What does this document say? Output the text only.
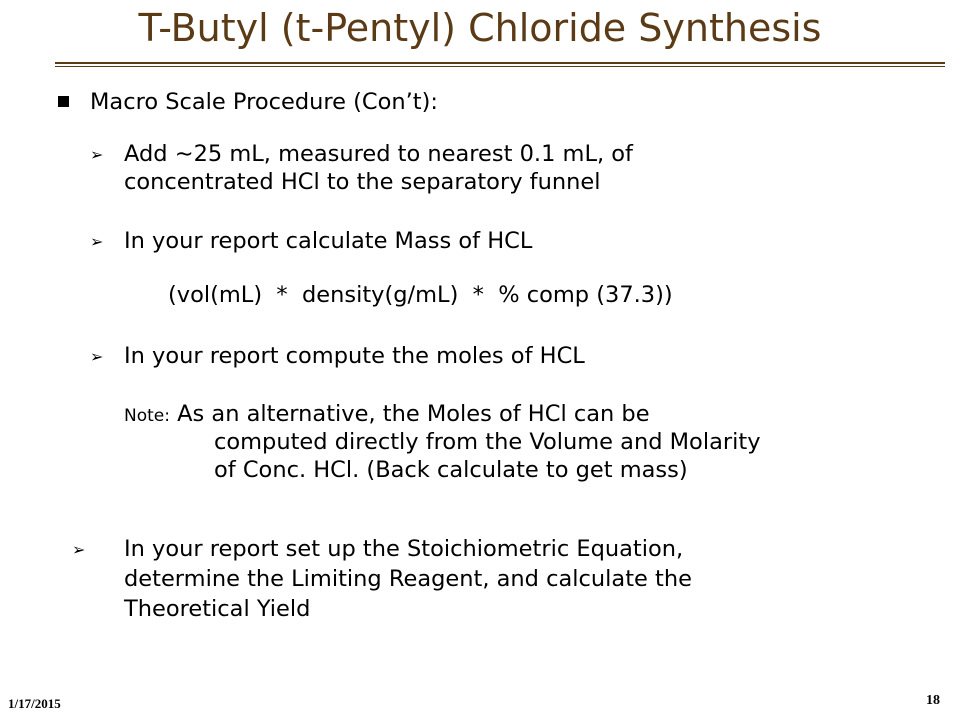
T-Butyl (t-Pentyl) Chloride Synthesis
Macro Scale Procedure (Con’t):
➢ Add ∼25 mL, measured to nearest 0.1 mL, of
concentrated HCl to the separatory funnel
➢ In your report calculate Mass of HCL
(vol(mL)  *  density(g/mL)  *  % comp (37.3))
➢ In your report compute the moles of HCL
Note: As an alternative, the Moles of HCl can be
computed directly from the Volume and Molarity
of Conc. HCl. (Back calculate to get mass)
➢ In your report set up the Stoichiometric Equation,
determine the Limiting Reagent, and calculate the
Theoretical Yield
1/17/2015	18
